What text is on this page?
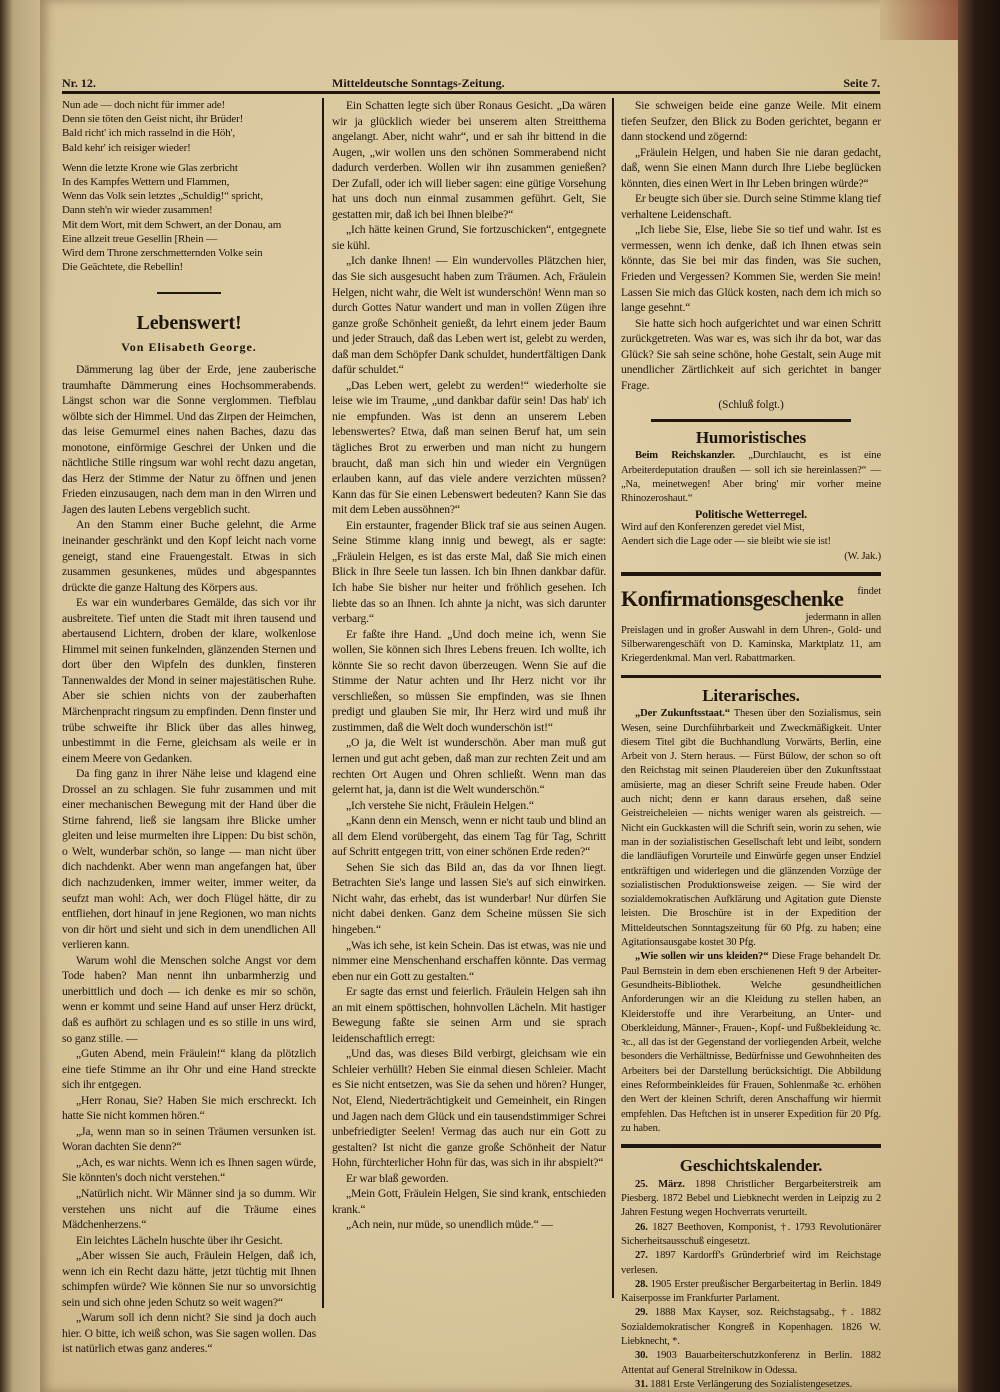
Nr. 12.	Mitteldeutsche Sonntags-Zeitung.	Seite 7.

Nun ade — doch nicht für immer ade!

Denn sie töten den Geist nicht, ihr Brüder!

Bald richt' ich mich rasselnd in die Höh',

Bald kehr' ich reisiger wieder!

Wenn die letzte Krone wie Glas zerbricht

In des Kampfes Wettern und Flammen,

Wenn das Volk sein letztes „Schuldig!“ spricht,

Dann steh'n wir wieder zusammen!

Mit dem Wort, mit dem Schwert, an der Donau, am

Eine allzeit treue Gesellin [Rhein —

Wird dem Throne zerschmetternden Volke sein

Die Geächtete, die Rebellin!

Lebenswert!
Von Elisabeth George.

Dämmerung lag über der Erde, jene zauberische traumhafte Dämmerung eines Hochsommerabends. Längst schon war die Sonne verglommen. Tiefblau wölbte sich der Himmel. Und das Zirpen der Heimchen, das leise Gemurmel eines nahen Baches, dazu das monotone, einförmige Geschrei der Unken und die nächtliche Stille ringsum war wohl recht dazu angetan, das Herz der Stimme der Natur zu öffnen und jenen Frieden einzusaugen, nach dem man in den Wirren und Jagen des lauten Lebens vergeblich sucht.

An den Stamm einer Buche gelehnt, die Arme ineinander geschränkt und den Kopf leicht nach vorne geneigt, stand eine Frauengestalt. Etwas in sich zusammen gesunkenes, müdes und abgespanntes drückte die ganze Haltung des Körpers aus.

Es war ein wunderbares Gemälde, das sich vor ihr ausbreitete. Tief unten die Stadt mit ihren tausend und abertausend Lichtern, droben der klare, wolkenlose Himmel mit seinen funkelnden, glänzenden Sternen und dort über den Wipfeln des dunklen, finsteren Tannenwaldes der Mond in seiner majestätischen Ruhe. Aber sie schien nichts von der zauberhaften Märchenpracht ringsum zu empfinden. Denn finster und trübe schweifte ihr Blick über das alles hinweg, unbestimmt in die Ferne, gleichsam als weile er in einem Meere von Gedanken.

Da fing ganz in ihrer Nähe leise und klagend eine Drossel an zu schlagen. Sie fuhr zusammen und mit einer mechanischen Bewegung mit der Hand über die Stirne fahrend, ließ sie langsam ihre Blicke umher gleiten und leise murmelten ihre Lippen: Du bist schön, o Welt, wunderbar schön, so lange — man nicht über dich nachdenkt. Aber wenn man angefangen hat, über dich nachzudenken, immer weiter, immer weiter, da seufzt man wohl: Ach, wer doch Flügel hätte, dir zu entfliehen, dort hinauf in jene Regionen, wo man nichts von dir hört und sieht und sich in dem unendlichen All verlieren kann.

Warum wohl die Menschen solche Angst vor dem Tode haben? Man nennt ihn unbarmherzig und unerbittlich und doch — ich denke es mir so schön, wenn er kommt und seine Hand auf unser Herz drückt, daß es aufhört zu schlagen und es so stille in uns wird, so ganz stille. —

„Guten Abend, mein Fräulein!“ klang da plötzlich eine tiefe Stimme an ihr Ohr und eine Hand streckte sich ihr entgegen.

„Herr Ronau, Sie? Haben Sie mich erschreckt. Ich hatte Sie nicht kommen hören.“

„Ja, wenn man so in seinen Träumen versunken ist. Woran dachten Sie denn?“

„Ach, es war nichts. Wenn ich es Ihnen sagen würde, Sie könnten's doch nicht verstehen.“

„Natürlich nicht. Wir Männer sind ja so dumm. Wir verstehen uns nicht auf die Träume eines Mädchenherzens.“

Ein leichtes Lächeln huschte über ihr Gesicht.

„Aber wissen Sie auch, Fräulein Helgen, daß ich, wenn ich ein Recht dazu hätte, jetzt tüchtig mit Ihnen schimpfen würde? Wie können Sie nur so unvorsichtig sein und sich ohne jeden Schutz so weit wagen?“

„Warum soll ich denn nicht? Sie sind ja doch auch hier. O bitte, ich weiß schon, was Sie sagen wollen. Das ist natürlich etwas ganz anderes.“

Ein Schatten legte sich über Ronaus Gesicht. „Da wären wir ja glücklich wieder bei unserem alten Streitthema angelangt. Aber, nicht wahr“, und er sah ihr bittend in die Augen, „wir wollen uns den schönen Sommerabend nicht dadurch verderben. Wollen wir ihn zusammen genießen? Der Zufall, oder ich will lieber sagen: eine gütige Vorsehung hat uns doch nun einmal zusammen geführt. Gelt, Sie gestatten mir, daß ich bei Ihnen bleibe?“

„Ich hätte keinen Grund, Sie fortzuschicken“, entgegnete sie kühl.

„Ich danke Ihnen! — Ein wundervolles Plätzchen hier, das Sie sich ausgesucht haben zum Träumen. Ach, Fräulein Helgen, nicht wahr, die Welt ist wunderschön! Wenn man so durch Gottes Natur wandert und man in vollen Zügen ihre ganze große Schönheit genießt, da lehrt einem jeder Baum und jeder Strauch, daß das Leben wert ist, gelebt zu werden, daß man dem Schöpfer Dank schuldet, hundertfältigen Dank dafür schuldet.“

„Das Leben wert, gelebt zu werden!“ wiederholte sie leise wie im Traume, „und dankbar dafür sein! Das hab' ich nie empfunden. Was ist denn an unserem Leben lebenswertes? Etwa, daß man seinen Beruf hat, um sein tägliches Brot zu erwerben und man nicht zu hungern braucht, daß man sich hin und wieder ein Vergnügen erlauben kann, auf das viele andere verzichten müssen? Kann das für Sie einen Lebenswert bedeuten? Kann Sie das mit dem Leben aussöhnen?“

Ein erstaunter, fragender Blick traf sie aus seinen Augen. Seine Stimme klang innig und bewegt, als er sagte: „Fräulein Helgen, es ist das erste Mal, daß Sie mich einen Blick in Ihre Seele tun lassen. Ich bin Ihnen dankbar dafür. Ich habe Sie bisher nur heiter und fröhlich gesehen. Ich liebte das so an Ihnen. Ich ahnte ja nicht, was sich darunter verbarg.“

Er faßte ihre Hand. „Und doch meine ich, wenn Sie wollen, Sie können sich Ihres Lebens freuen. Ich wollte, ich könnte Sie so recht davon überzeugen. Wenn Sie auf die Stimme der Natur achten und Ihr Herz nicht vor ihr verschließen, so müssen Sie empfinden, was sie Ihnen predigt und glauben Sie mir, Ihr Herz wird und muß ihr zustimmen, daß die Welt doch wunderschön ist!“

„O ja, die Welt ist wunderschön. Aber man muß gut lernen und gut acht geben, daß man zur rechten Zeit und am rechten Ort Augen und Ohren schließt. Wenn man das gelernt hat, ja, dann ist die Welt wunderschön.“

„Ich verstehe Sie nicht, Fräulein Helgen.“

„Kann denn ein Mensch, wenn er nicht taub und blind an all dem Elend vorübergeht, das einem Tag für Tag, Schritt auf Schritt entgegen tritt, von einer schönen Erde reden?“

Sehen Sie sich das Bild an, das da vor Ihnen liegt. Betrachten Sie's lange und lassen Sie's auf sich einwirken. Nicht wahr, das erhebt, das ist wunderbar! Nur dürfen Sie nicht dabei denken. Ganz dem Scheine müssen Sie sich hingeben.“

„Was ich sehe, ist kein Schein. Das ist etwas, was nie und nimmer eine Menschenhand erschaffen könnte. Das vermag eben nur ein Gott zu gestalten.“

Er sagte das ernst und feierlich. Fräulein Helgen sah ihn an mit einem spöttischen, hohnvollen Lächeln. Mit hastiger Bewegung faßte sie seinen Arm und sie sprach leidenschaftlich erregt:

„Und das, was dieses Bild verbirgt, gleichsam wie ein Schleier verhüllt? Heben Sie einmal diesen Schleier. Macht es Sie nicht entsetzen, was Sie da sehen und hören? Hunger, Not, Elend, Niederträchtigkeit und Gemeinheit, ein Ringen und Jagen nach dem Glück und ein tausendstimmiger Schrei unbefriedigter Seelen! Vermag das auch nur ein Gott zu gestalten? Ist nicht die ganze große Schönheit der Natur Hohn, fürchterlicher Hohn für das, was sich in ihr abspielt?“

Er war blaß geworden.

„Mein Gott, Fräulein Helgen, Sie sind krank, entschieden krank.“

„Ach nein, nur müde, so unendlich müde.“ —

Sie schweigen beide eine ganze Weile. Mit einem tiefen Seufzer, den Blick zu Boden gerichtet, begann er dann stockend und zögernd:

„Fräulein Helgen, und haben Sie nie daran gedacht, daß, wenn Sie einen Mann durch Ihre Liebe beglücken könnten, dies einen Wert in Ihr Leben bringen würde?“

Er beugte sich über sie. Durch seine Stimme klang tief verhaltene Leidenschaft.

„Ich liebe Sie, Else, liebe Sie so tief und wahr. Ist es vermessen, wenn ich denke, daß ich Ihnen etwas sein könnte, das Sie bei mir das finden, was Sie suchen, Frieden und Vergessen? Kommen Sie, werden Sie mein! Lassen Sie mich das Glück kosten, nach dem ich mich so lange gesehnt.“

Sie hatte sich hoch aufgerichtet und war einen Schritt zurückgetreten. Was war es, was sich ihr da bot, war das Glück? Sie sah seine schöne, hohe Gestalt, sein Auge mit unendlicher Zärtlichkeit auf sich gerichtet in banger Frage.

(Schluß folgt.)

Humoristisches

Beim Reichskanzler. „Durchlaucht, es ist eine Arbeiterdeputation draußen — soll ich sie hereinlassen?“ — „Na, meinetwegen! Aber bring' mir vorher meine Rhinozeroshaut.“

Politische Wetterregel.

Wird auf den Konferenzen geredet viel Mist,

Aendert sich die Lage oder — sie bleibt wie sie ist!

(W. Jak.)

Konfirmationsgeschenke	findet jedermann in allen

Preislagen und in großer Auswahl in dem Uhren-, Gold- und Silberwarengeschäft von D. Kaminska, Marktplatz 11, am Kriegerdenkmal. Man verl. Rabattmarken.

Literarisches.

„Der Zukunftsstaat.“ Thesen über den Sozialismus, sein Wesen, seine Durchführbarkeit und Zweckmäßigkeit. Unter diesem Titel gibt die Buchhandlung Vorwärts, Berlin, eine Arbeit von J. Stern heraus. — Fürst Bülow, der schon so oft den Reichstag mit seinen Plaudereien über den Zukunftsstaat amüsierte, mag an dieser Schrift seine Freude haben. Oder auch nicht; denn er kann daraus ersehen, daß seine Geistreicheleien — nichts weniger waren als geistreich. — Nicht ein Guckkasten will die Schrift sein, worin zu sehen, wie man in der sozialistischen Gesellschaft lebt und leibt, sondern die landläufigen Vorurteile und Einwürfe gegen unser Endziel entkräftigen und widerlegen und die glänzenden Vorzüge der sozialistischen Produktionsweise zeigen. — Sie wird der sozialdemokratischen Aufklärung und Agitation gute Dienste leisten. Die Broschüre ist in der Expedition der Mitteldeutschen Sonntagszeitung für 60 Pfg. zu haben; eine Agitationsausgabe kostet 30 Pfg.

„Wie sollen wir uns kleiden?“ Diese Frage behandelt Dr. Paul Bernstein in dem eben erschienenen Heft 9 der Arbeiter-Gesundheits-Bibliothek. Welche gesundheitlichen Anforderungen wir an die Kleidung zu stellen haben, an Kleiderstoffe und ihre Verarbeitung, an Unter- und Oberkleidung, Männer-, Frauen-, Kopf- und Fußbekleidung ꝛc. ꝛc., all das ist der Gegenstand der vorliegenden Arbeit, welche besonders die Verhältnisse, Bedürfnisse und Gewohnheiten des Arbeiters bei der Darstellung berücksichtigt. Die Abbildung eines Reformbeinkleides für Frauen, Sohlenmaße ꝛc. erhöhen den Wert der kleinen Schrift, deren Anschaffung wir hiermit empfehlen. Das Heftchen ist in unserer Expedition für 20 Pfg. zu haben.

Geschichtskalender.

25. März. 1898 Christlicher Bergarbeiterstreik am Piesberg. 1872 Bebel und Liebknecht werden in Leipzig zu 2 Jahren Festung wegen Hochverrats verurteilt.

26. 1827 Beethoven, Komponist, †. 1793 Revolutionärer Sicherheitsausschuß eingesetzt.

27. 1897 Kardorff's Gründerbrief wird im Reichstage verlesen.

28. 1905 Erster preußischer Bergarbeitertag in Berlin. 1849 Kaiserposse im Frankfurter Parlament.

29. 1888 Max Kayser, soz. Reichstagsabg., †. 1882 Sozialdemokratischer Kongreß in Kopenhagen. 1826 W. Liebknecht, *.

30. 1903 Bauarbeiterschutzkonferenz in Berlin. 1882 Attentat auf General Strelnikow in Odessa.

31. 1881 Erste Verlängerung des Sozialistengesetzes.
